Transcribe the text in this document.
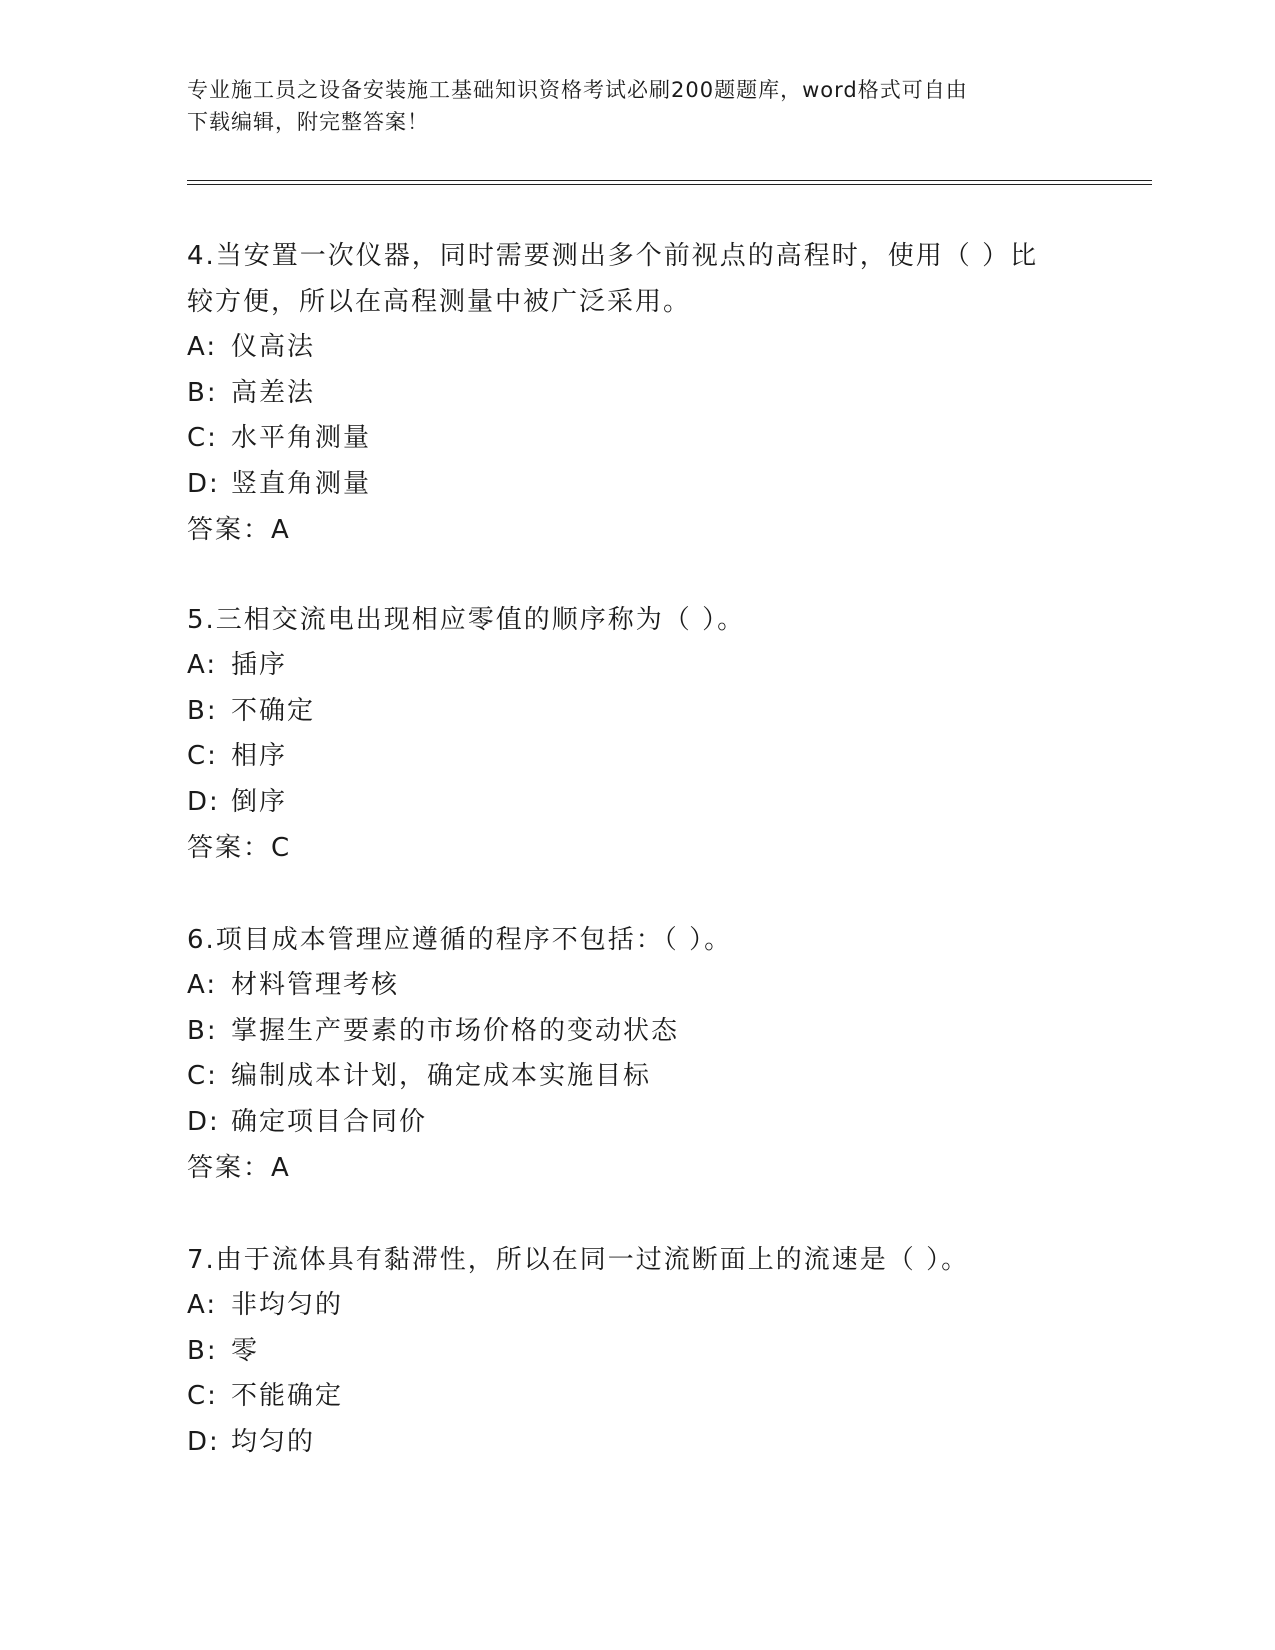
专业施工员之设备安装施工基础知识资格考试必刷200题题库，word格式可自由
下载编辑，附完整答案！
4.当安置一次仪器，同时需要测出多个前视点的高程时，使用（ ）比
较方便，所以在高程测量中被广泛采用。
A: 仪高法
B: 高差法
C: 水平角测量
D: 竖直角测量
答案：A
5.三相交流电出现相应零值的顺序称为（ ）。
A: 插序
B: 不确定
C: 相序
D: 倒序
答案：C
6.项目成本管理应遵循的程序不包括：（ ）。
A: 材料管理考核
B: 掌握生产要素的市场价格的变动状态
C: 编制成本计划，确定成本实施目标
D: 确定项目合同价
答案：A
7.由于流体具有黏滞性，所以在同一过流断面上的流速是（ ）。
A: 非均匀的
B: 零
C: 不能确定
D: 均匀的
